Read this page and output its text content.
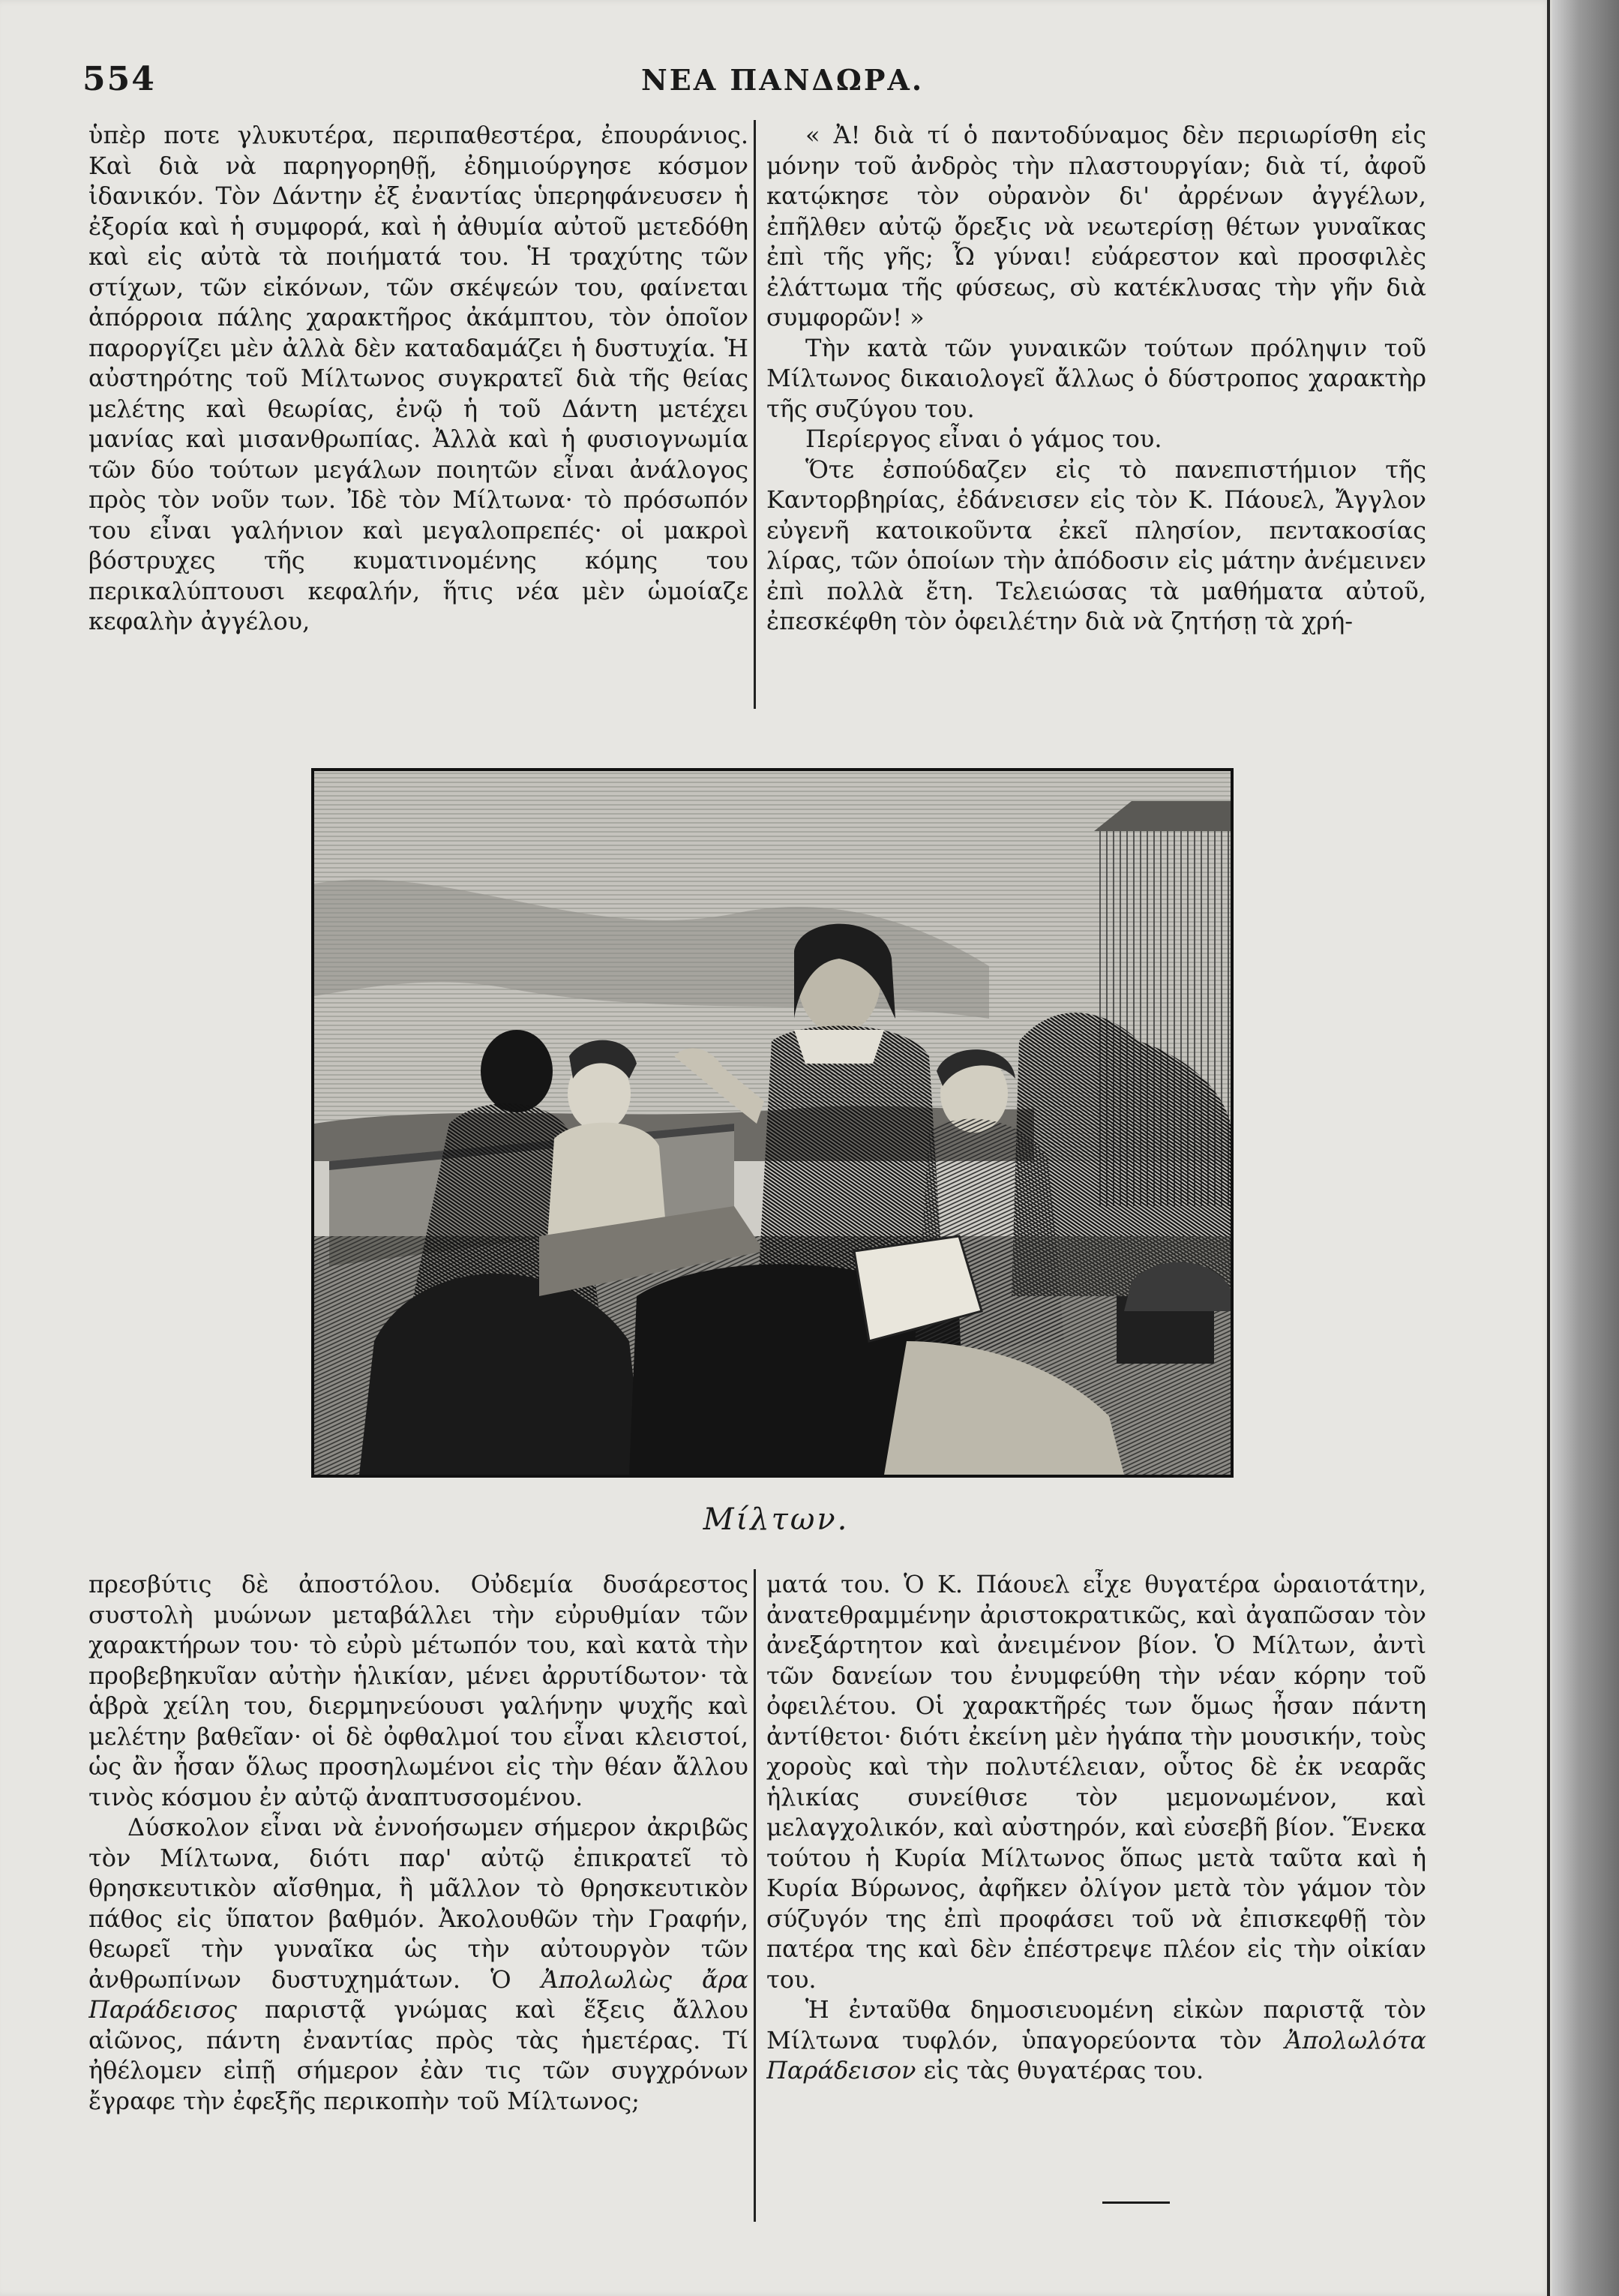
554	ΝΕΑ ΠΑΝΔΩΡΑ.

ὑπὲρ ποτε γλυκυτέρα, περιπαθεστέρα, ἐπουράνιος. Καὶ διὰ νὰ παρηγορηθῇ, ἐδημιούργησε κόσμον ἰδανικόν. Τὸν Δάντην ἐξ ἐναντίας ὑπερηφάνευσεν ἡ ἐξορία καὶ ἡ συμφορά, καὶ ἡ ἀθυμία αὐτοῦ μετεδόθη καὶ εἰς αὐτὰ τὰ ποιήματά του. Ἡ τραχύτης τῶν στίχων, τῶν εἰκόνων, τῶν σκέψεών του, φαίνεται ἀπόρροια πάλης χαρακτῆρος ἀκάμπτου, τὸν ὁποῖον παροργίζει μὲν ἀλλὰ δὲν καταδαμάζει ἡ δυστυχία. Ἡ αὐστηρότης τοῦ Μίλτωνος συγκρατεῖ διὰ τῆς θείας μελέτης καὶ θεωρίας, ἐνῷ ἡ τοῦ Δάντη μετέχει μανίας καὶ μισανθρωπίας. Ἀλλὰ καὶ ἡ φυσιογνωμία τῶν δύο τούτων μεγάλων ποιητῶν εἶναι ἀνάλογος πρὸς τὸν νοῦν των. Ἰδὲ τὸν Μίλτωνα· τὸ πρόσωπόν του εἶναι γαλήνιον καὶ μεγαλοπρεπές· οἱ μακροὶ βόστρυχες τῆς κυματινομένης κόμης του περικαλύπτουσι κεφαλήν, ἥτις νέα μὲν ὡμοίαζε κεφαλὴν ἀγγέλου,

« Ἀ! διὰ τί ὁ παντοδύναμος δὲν περιωρίσθη εἰς μόνην τοῦ ἀνδρὸς τὴν πλαστουργίαν; διὰ τί, ἀφοῦ κατῴκησε τὸν οὐρανὸν δι' ἀρρένων ἀγγέλων, ἐπῆλθεν αὐτῷ ὄρεξις νὰ νεωτερίσῃ θέτων γυναῖκας ἐπὶ τῆς γῆς; Ὦ γύναι! εὐάρεστον καὶ προσφιλὲς ἐλάττωμα τῆς φύσεως, σὺ κατέκλυσας τὴν γῆν διὰ συμφορῶν! »

Τὴν κατὰ τῶν γυναικῶν τούτων πρόληψιν τοῦ Μίλτωνος δικαιολογεῖ ἄλλως ὁ δύστροπος χαρακτὴρ τῆς συζύγου του.

Περίεργος εἶναι ὁ γάμος του.

Ὅτε ἐσπούδαζεν εἰς τὸ πανεπιστήμιον τῆς Καντορβηρίας, ἐδάνεισεν εἰς τὸν Κ. Πάουελ, Ἄγγλον εὐγενῆ κατοικοῦντα ἐκεῖ πλησίον, πεντακοσίας λίρας, τῶν ὁποίων τὴν ἀπόδοσιν εἰς μάτην ἀνέμεινεν ἐπὶ πολλὰ ἔτη. Τελειώσας τὰ μαθήματα αὐτοῦ, ἐπεσκέφθη τὸν ὀφειλέτην διὰ νὰ ζητήσῃ τὰ χρή-

Μίλτων.

πρεσβύτις δὲ ἀποστόλου. Οὐδεμία δυσάρεστος συστολὴ μυώνων μεταβάλλει τὴν εὐρυθμίαν τῶν χαρακτήρων του· τὸ εὐρὺ μέτωπόν του, καὶ κατὰ τὴν προβεβηκυῖαν αὐτὴν ἡλικίαν, μένει ἀρρυτίδωτον· τὰ ἁβρὰ χείλη του, διερμηνεύουσι γαλήνην ψυχῆς καὶ μελέτην βαθεῖαν· οἱ δὲ ὀφθαλμοί του εἶναι κλειστοί, ὡς ἂν ἦσαν ὅλως προσηλωμένοι εἰς τὴν θέαν ἄλλου τινὸς κόσμου ἐν αὐτῷ ἀναπτυσσομένου.

Δύσκολον εἶναι νὰ ἐννοήσωμεν σήμερον ἀκριβῶς τὸν Μίλτωνα, διότι παρ' αὐτῷ ἐπικρατεῖ τὸ θρησκευτικὸν αἴσθημα, ἢ μᾶλλον τὸ θρησκευτικὸν πάθος εἰς ὕπατον βαθμόν. Ἀκολουθῶν τὴν Γραφήν, θεωρεῖ τὴν γυναῖκα ὡς τὴν αὐτουργὸν τῶν ἀνθρωπίνων δυστυχημάτων. Ὁ Ἀπολωλὼς ἄρα Παράδεισος παριστᾷ γνώμας καὶ ἕξεις ἄλλου αἰῶνος, πάντη ἐναντίας πρὸς τὰς ἡμετέρας. Τί ἠθέλομεν εἰπῇ σήμερον ἐὰν τις τῶν συγχρόνων ἔγραφε τὴν ἐφεξῆς περικοπὴν τοῦ Μίλτωνος;

ματά του. Ὁ Κ. Πάουελ εἶχε θυγατέρα ὡραιοτάτην, ἀνατεθραμμένην ἀριστοκρατικῶς, καὶ ἀγαπῶσαν τὸν ἀνεξάρτητον καὶ ἀνειμένον βίον. Ὁ Μίλτων, ἀντὶ τῶν δανείων του ἐνυμφεύθη τὴν νέαν κόρην τοῦ ὀφειλέτου. Οἱ χαρακτῆρές των ὅμως ἦσαν πάντη ἀντίθετοι· διότι ἐκείνη μὲν ἠγάπα τὴν μουσικήν, τοὺς χοροὺς καὶ τὴν πολυτέλειαν, οὗτος δὲ ἐκ νεαρᾶς ἡλικίας συνείθισε τὸν μεμονωμένον, καὶ μελαγχολικόν, καὶ αὐστηρόν, καὶ εὐσεβῆ βίον. Ἕνεκα τούτου ἡ Κυρία Μίλτωνος ὅπως μετὰ ταῦτα καὶ ἡ Κυρία Βύρωνος, ἀφῆκεν ὀλίγον μετὰ τὸν γάμον τὸν σύζυγόν της ἐπὶ προφάσει τοῦ νὰ ἐπισκεφθῇ τὸν πατέρα της καὶ δὲν ἐπέστρεψε πλέον εἰς τὴν οἰκίαν του.

Ἡ ἐνταῦθα δημοσιευομένη εἰκὼν παριστᾷ τὸν Μίλτωνα τυφλόν, ὑπαγορεύοντα τὸν Ἀπολωλότα Παράδεισον εἰς τὰς θυγατέρας του.
